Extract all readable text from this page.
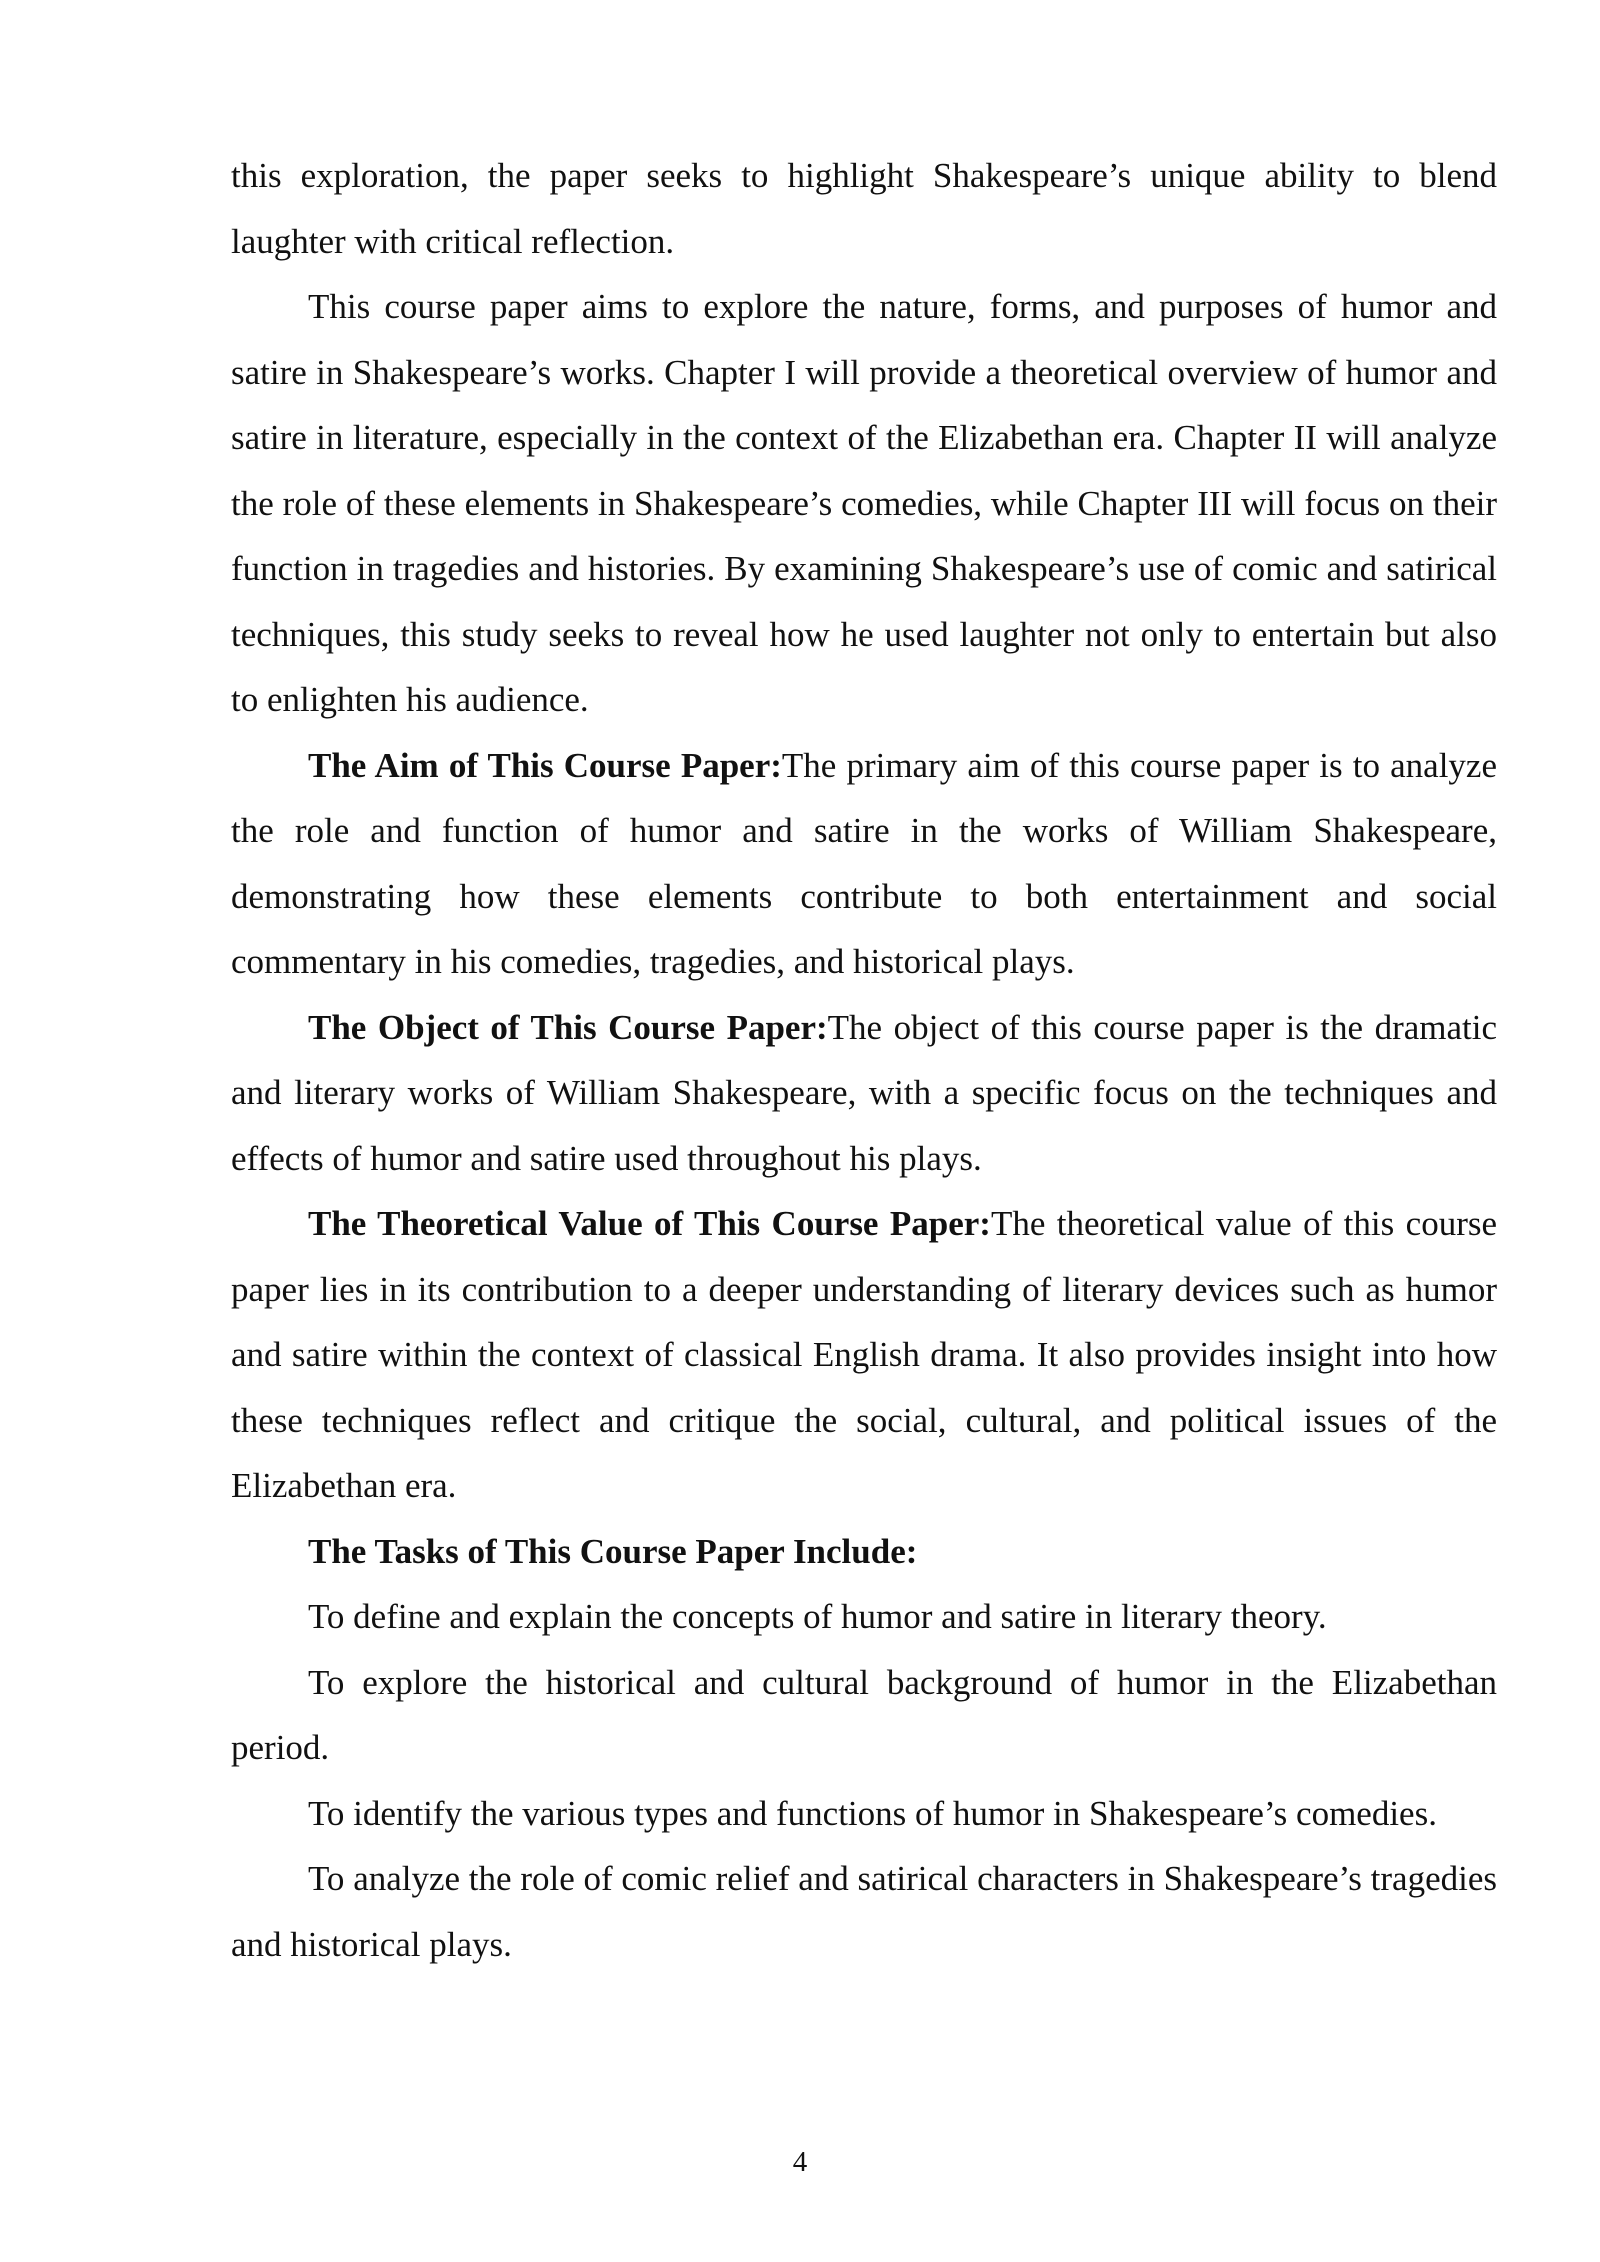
this exploration, the paper seeks to highlight Shakespeare’s unique ability to blend laughter with critical reflection.

This course paper aims to explore the nature, forms, and purposes of humor and satire in Shakespeare’s works. Chapter I will provide a theoretical overview of humor and satire in literature, especially in the context of the Elizabethan era. Chapter II will analyze the role of these elements in Shakespeare’s comedies, while Chapter III will focus on their function in tragedies and histories. By examining Shakespeare’s use of comic and satirical techniques, this study seeks to reveal how he used laughter not only to entertain but also to enlighten his audience.

The Aim of This Course Paper:The primary aim of this course paper is to analyze the role and function of humor and satire in the works of William Shakespeare, demonstrating how these elements contribute to both entertainment and social commentary in his comedies, tragedies, and historical plays.

The Object of This Course Paper:The object of this course paper is the dramatic and literary works of William Shakespeare, with a specific focus on the techniques and effects of humor and satire used throughout his plays.

The Theoretical Value of This Course Paper:The theoretical value of this course paper lies in its contribution to a deeper understanding of literary devices such as humor and satire within the context of classical English drama. It also provides insight into how these techniques reflect and critique the social, cultural, and political issues of the Elizabethan era.

The Tasks of This Course Paper Include:

To define and explain the concepts of humor and satire in literary theory.

To explore the historical and cultural background of humor in the Elizabethan period.

To identify the various types and functions of humor in Shakespeare’s comedies.

To analyze the role of comic relief and satirical characters in Shakespeare’s tragedies and historical plays.

4
